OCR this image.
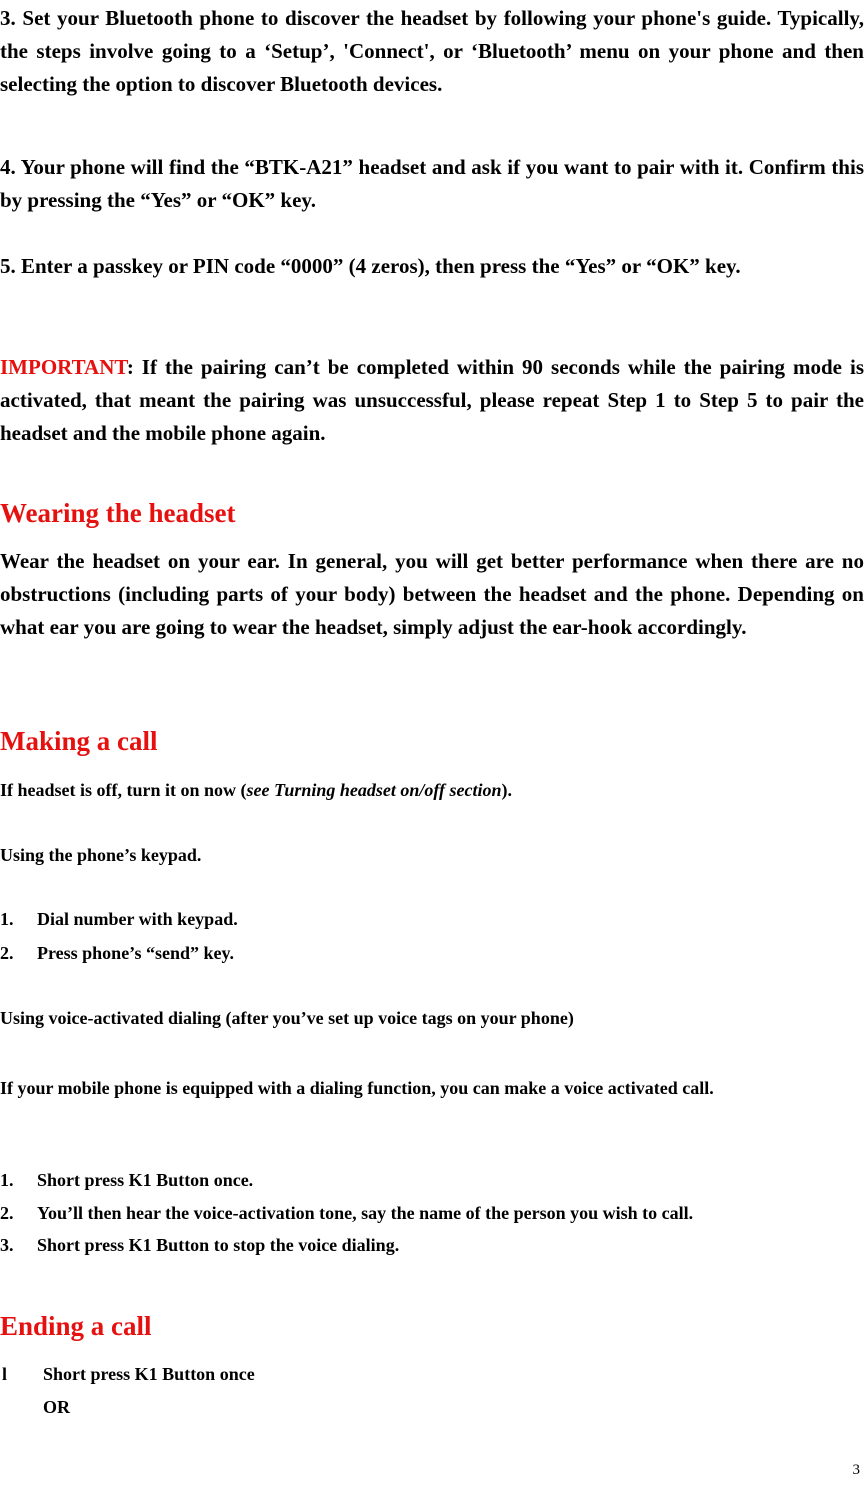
3. Set your Bluetooth phone to discover the headset by following your phone's guide. Typically, the steps involve going to a ‘Setup’, 'Connect', or ‘Bluetooth’ menu on your phone and then selecting the option to discover Bluetooth devices.

4. Your phone will find the “BTK-A21” headset and ask if you want to pair with it. Confirm this by pressing the “Yes” or “OK” key.

5. Enter a passkey or PIN code “0000” (4 zeros), then press the “Yes” or “OK” key.

IMPORTANT: If the pairing can’t be completed within 90 seconds while the pairing mode is activated, that meant the pairing was unsuccessful, please repeat Step 1 to Step 5 to pair the headset and the mobile phone again.

Wearing the headset

Wear the headset on your ear. In general, you will get better performance when there are no obstructions (including parts of your body) between the headset and the phone. Depending on what ear you are going to wear the headset, simply adjust the ear-hook accordingly.

Making a call

If headset is off, turn it on now (see Turning headset on/off section).

Using the phone’s keypad.

1. Dial number with keypad.
2. Press phone’s “send” key.

Using voice-activated dialing (after you’ve set up voice tags on your phone)

If your mobile phone is equipped with a dialing function, you can make a voice activated call.

1. Short press K1 Button once.
2. You’ll then hear the voice-activation tone, say the name of the person you wish to call.
3. Short press K1 Button to stop the voice dialing.
Ending a call
l Short press K1 Button once
OR
3
